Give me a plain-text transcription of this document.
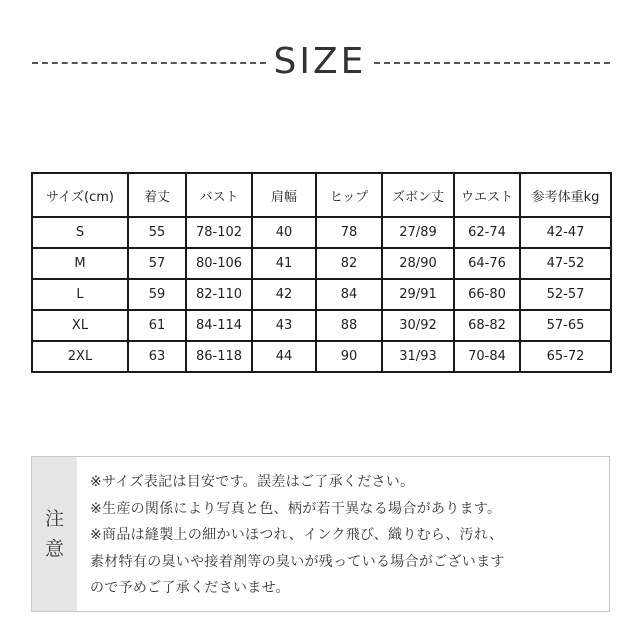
SIZE
サイズ(cm)	着丈	バスト	肩幅	ヒップ	ズボン丈	ウエスト	参考体重kg
S	55	78-102	40	78	27/89	62-74	42-47
M	57	80-106	41	82	28/90	64-76	47-52
L	59	82-110	42	84	29/91	66-80	52-57
XL	61	84-114	43	88	30/92	68-82	57-65
2XL	63	86-118	44	90	31/93	70-84	65-72
注
意
※サイズ表記は目安です。誤差はご了承ください。
※生産の関係により写真と色、柄が若干異なる場合があります。
※商品は縫製上の細かいほつれ、インク飛び、織りむら、汚れ、
素材特有の臭いや接着剤等の臭いが残っている場合がございます
ので予めご了承くださいませ。
